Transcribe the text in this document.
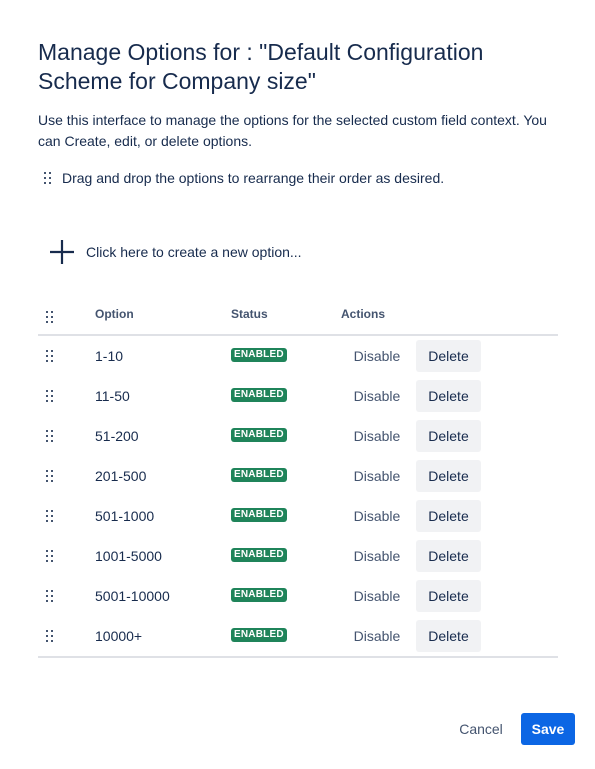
Manage Options for : "Default Configuration Scheme for Company size"

Use this interface to manage the options for the selected custom field context. You can Create, edit, or delete options.

Drag and drop the options to rearrange their order as desired.
Click here to create a new option...
Option	Status	Actions
1-10	ENABLED	Disable	Delete
11-50	ENABLED	Disable	Delete
51-200	ENABLED	Disable	Delete
201-500	ENABLED	Disable	Delete
501-1000	ENABLED	Disable	Delete
1001-5000	ENABLED	Disable	Delete
5001-10000	ENABLED	Disable	Delete
10000+	ENABLED	Disable	Delete
Cancel	Save
